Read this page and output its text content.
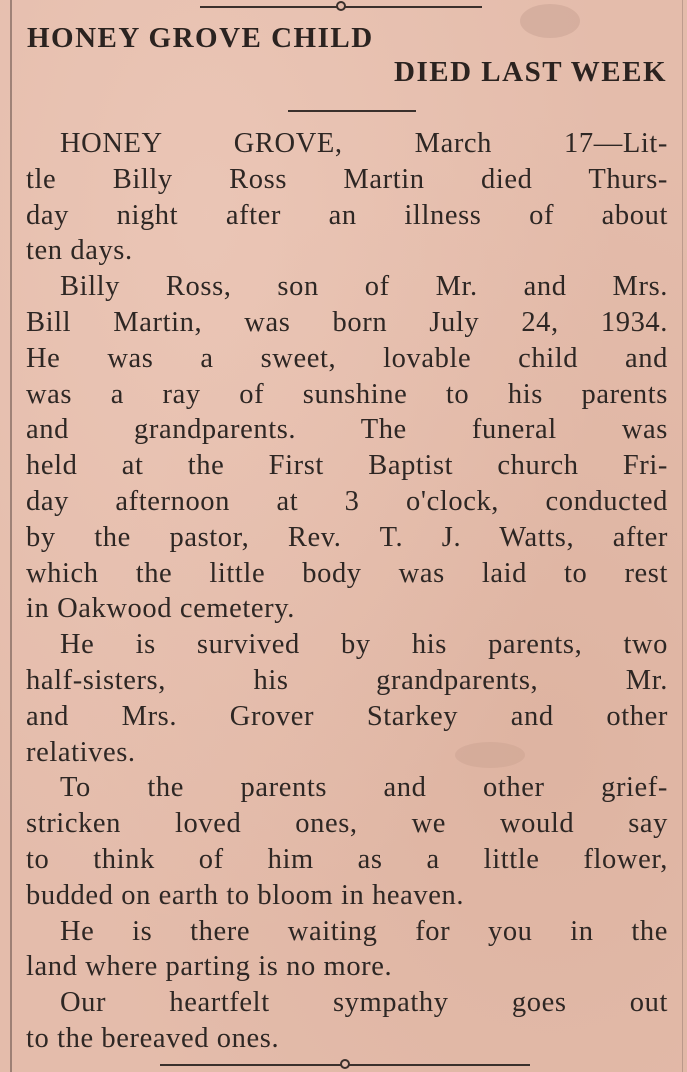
HONEY GROVE CHILD
DIED LAST WEEK
HONEY GROVE, March 17—Lit-
tle Billy Ross Martin died Thurs-
day night after an illness of about
ten days.
Billy Ross, son of Mr. and Mrs.
Bill Martin, was born July 24, 1934.
He was a sweet, lovable child and
was a ray of sunshine to his parents
and grandparents. The funeral was
held at the First Baptist church Fri-
day afternoon at 3 o'clock, conducted
by the pastor, Rev. T. J. Watts, after
which the little body was laid to rest
in Oakwood cemetery.
He is survived by his parents, two
half-sisters, his grandparents, Mr.
and Mrs. Grover Starkey and other
relatives.
To the parents and other grief-
stricken loved ones, we would say
to think of him as a little flower,
budded on earth to bloom in heaven.
He is there waiting for you in the
land where parting is no more.
Our heartfelt sympathy goes out
to the bereaved ones.
